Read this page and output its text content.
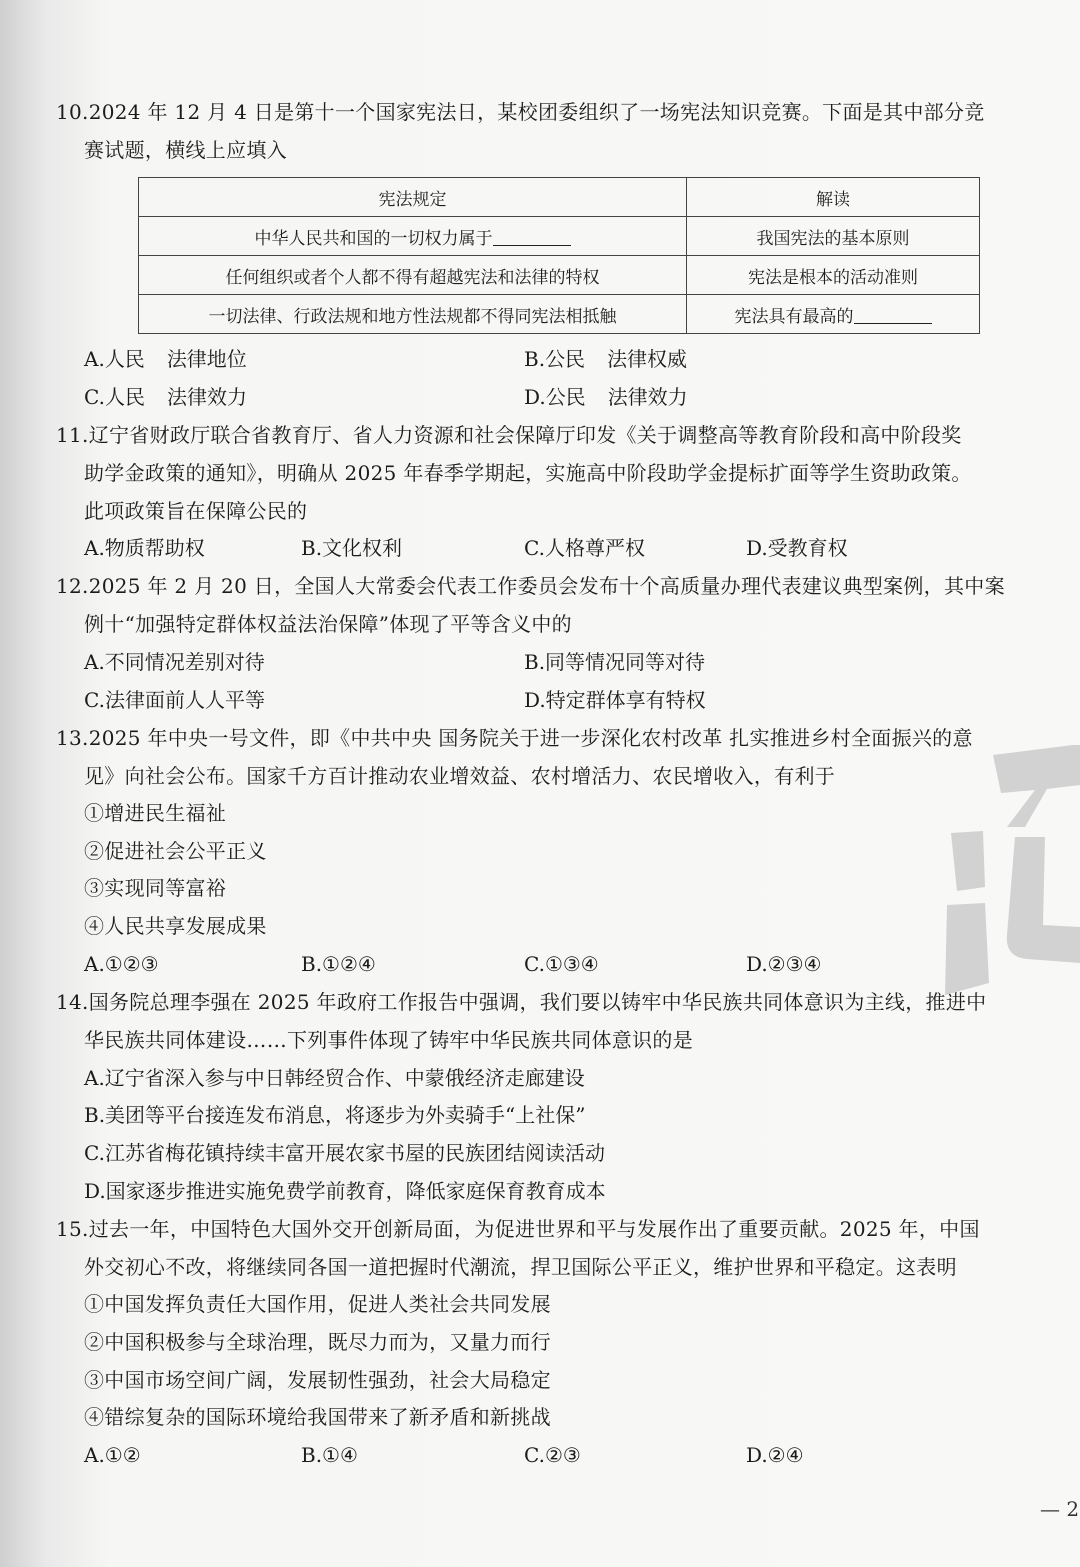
10.2024 年 12 月 4 日是第十一个国家宪法日，某校团委组织了一场宪法知识竞赛。下面是其中部分竞
赛试题，横线上应填入
宪法规定	解读
中华人民共和国的一切权力属于	我国宪法的基本原则
任何组织或者个人都不得有超越宪法和法律的特权	宪法是根本的活动准则
一切法律、行政法规和地方性法规都不得同宪法相抵触	宪法具有最高的
A.人民 法律地位	B.公民 法律权威
C.人民 法律效力	D.公民 法律效力
11.辽宁省财政厅联合省教育厅、省人力资源和社会保障厅印发《关于调整高等教育阶段和高中阶段奖
助学金政策的通知》，明确从 2025 年春季学期起，实施高中阶段助学金提标扩面等学生资助政策。
此项政策旨在保障公民的
A.物质帮助权	B.文化权利	C.人格尊严权	D.受教育权
12.2025 年 2 月 20 日，全国人大常委会代表工作委员会发布十个高质量办理代表建议典型案例，其中案
例十“加强特定群体权益法治保障”体现了平等含义中的
A.不同情况差别对待	B.同等情况同等对待
C.法律面前人人平等	D.特定群体享有特权
13.2025 年中央一号文件，即《中共中央 国务院关于进一步深化农村改革 扎实推进乡村全面振兴的意
见》向社会公布。国家千方百计推动农业增效益、农村增活力、农民增收入，有利于
①增进民生福祉
②促进社会公平正义
③实现同等富裕
④人民共享发展成果
A.①②③	B.①②④	C.①③④	D.②③④
14.国务院总理李强在 2025 年政府工作报告中强调，我们要以铸牢中华民族共同体意识为主线，推进中
华民族共同体建设……下列事件体现了铸牢中华民族共同体意识的是
A.辽宁省深入参与中日韩经贸合作、中蒙俄经济走廊建设
B.美团等平台接连发布消息，将逐步为外卖骑手“上社保”
C.江苏省梅花镇持续丰富开展农家书屋的民族团结阅读活动
D.国家逐步推进实施免费学前教育，降低家庭保育教育成本
15.过去一年，中国特色大国外交开创新局面，为促进世界和平与发展作出了重要贡献。2025 年，中国
外交初心不改，将继续同各国一道把握时代潮流，捍卫国际公平正义，维护世界和平稳定。这表明
①中国发挥负责任大国作用，促进人类社会共同发展
②中国积极参与全球治理，既尽力而为，又量力而行
③中国市场空间广阔，发展韧性强劲，社会大局稳定
④错综复杂的国际环境给我国带来了新矛盾和新挑战
A.①②	B.①④	C.②③	D.②④
— 2
